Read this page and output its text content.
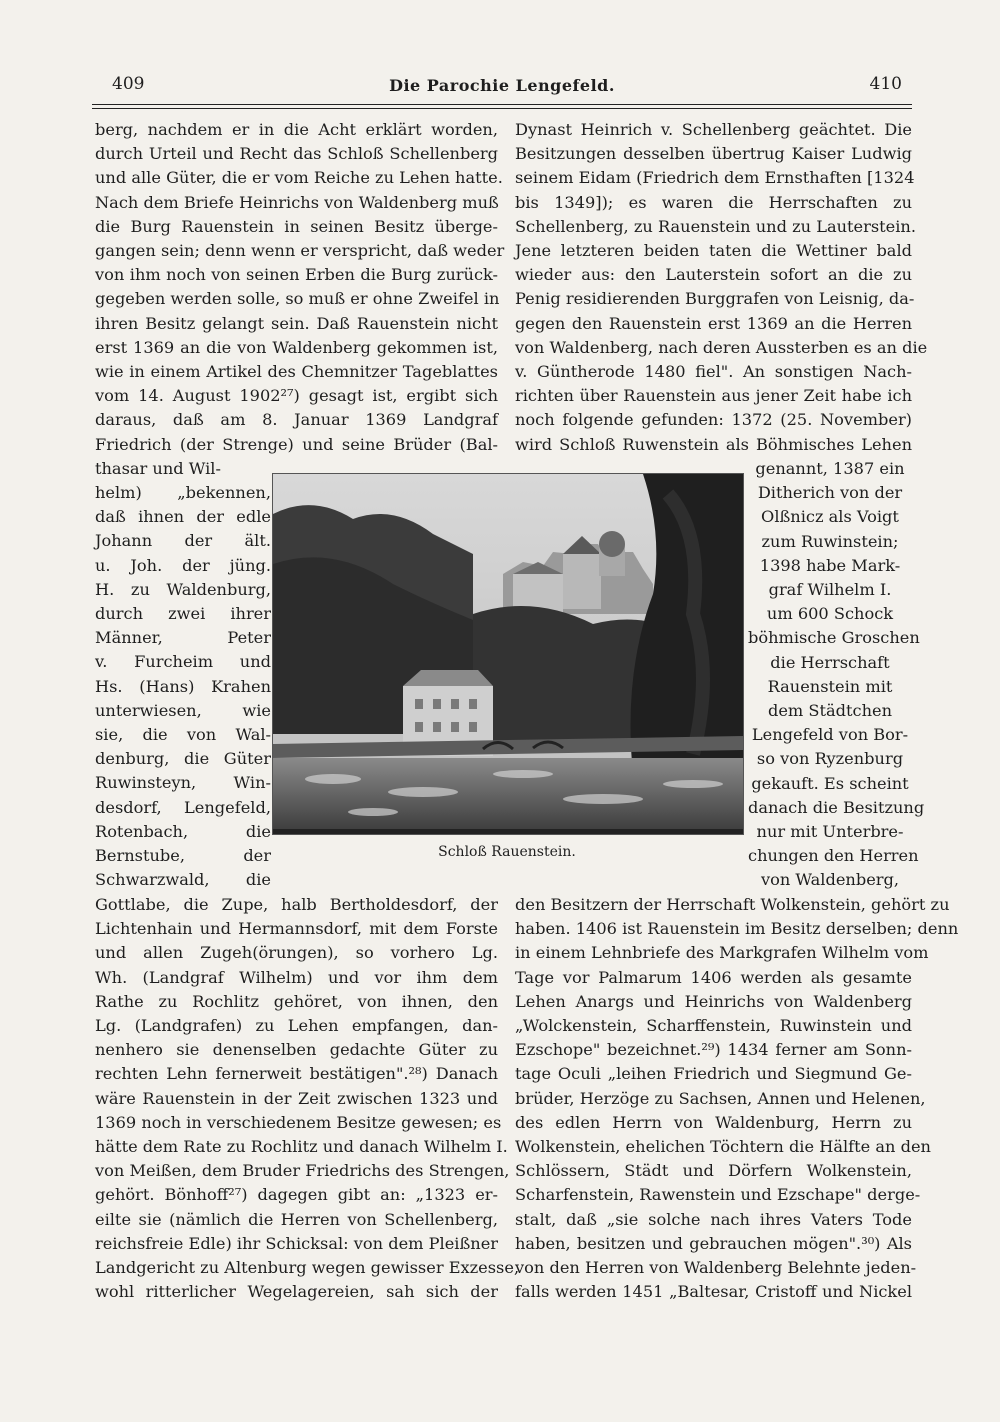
409	Die Parochie Lengefeld.	410

berg, nachdem er in die Acht erklärt worden,

durch Urteil und Recht das Schloß Schellenberg

und alle Güter, die er vom Reiche zu Lehen hatte.

Nach dem Briefe Heinrichs von Waldenberg muß

die Burg Rauenstein in seinen Besitz überge-

gangen sein; denn wenn er verspricht, daß weder

von ihm noch von seinen Erben die Burg zurück-

gegeben werden solle, so muß er ohne Zweifel in

ihren Besitz gelangt sein. Daß Rauenstein nicht

erst 1369 an die von Waldenberg gekommen ist,

wie in einem Artikel des Chemnitzer Tageblattes

vom 14. August 1902²⁷) gesagt ist, ergibt sich

daraus, daß am 8. Januar 1369 Landgraf

Friedrich (der Strenge) und seine Brüder (Bal-

thasar und Wil-

helm) „bekennen,

daß ihnen der edle

Johann der ält.

u. Joh. der jüng.

H. zu Waldenburg,

durch zwei ihrer

Männer, Peter

v. Furcheim und

Hs. (Hans) Krahen

unterwiesen, wie

sie, die von Wal-

denburg, die Güter

Ruwinsteyn, Win-

desdorf, Lengefeld,

Rotenbach, die

Bernstube, der

Schwarzwald, die

Gottlabe, die Zupe, halb Bertholdesdorf, der

Lichtenhain und Hermannsdorf, mit dem Forste

und allen Zugeh(örungen), so vorhero Lg.

Wh. (Landgraf Wilhelm) und vor ihm dem

Rathe zu Rochlitz gehöret, von ihnen, den

Lg. (Landgrafen) zu Lehen empfangen, dan-

nenhero sie denenselben gedachte Güter zu

rechten Lehn fernerweit bestätigen".²⁸) Danach

wäre Rauenstein in der Zeit zwischen 1323 und

1369 noch in verschiedenem Besitze gewesen; es

hätte dem Rate zu Rochlitz und danach Wilhelm I.

von Meißen, dem Bruder Friedrichs des Strengen,

gehört. Bönhoff²⁷) dagegen gibt an: „1323 er-

eilte sie (nämlich die Herren von Schellenberg,

reichsfreie Edle) ihr Schicksal: von dem Pleißner

Landgericht zu Altenburg wegen gewisser Exzesse,

wohl ritterlicher Wegelagereien, sah sich der

Dynast Heinrich v. Schellenberg geächtet. Die

Besitzungen desselben übertrug Kaiser Ludwig

seinem Eidam (Friedrich dem Ernsthaften [1324

bis 1349]); es waren die Herrschaften zu

Schellenberg, zu Rauenstein und zu Lauterstein.

Jene letzteren beiden taten die Wettiner bald

wieder aus: den Lauterstein sofort an die zu

Penig residierenden Burggrafen von Leisnig, da-

gegen den Rauenstein erst 1369 an die Herren

von Waldenberg, nach deren Aussterben es an die

v. Güntherode 1480 fiel". An sonstigen Nach-

richten über Rauenstein aus jener Zeit habe ich

noch folgende gefunden: 1372 (25. November)

wird Schloß Ruwenstein als Böhmisches Lehen

genannt, 1387 ein

Ditherich von der

Olßnicz als Voigt

zum Ruwinstein;

1398 habe Mark-

graf Wilhelm I.

um 600 Schock

böhmische Groschen

die Herrschaft

Rauenstein mit

dem Städtchen

Lengefeld von Bor-

so von Ryzenburg

gekauft. Es scheint

danach die Besitzung

nur mit Unterbre-

chungen den Herren

von Waldenberg,

den Besitzern der Herrschaft Wolkenstein, gehört zu

haben. 1406 ist Rauenstein im Besitz derselben; denn

in einem Lehnbriefe des Markgrafen Wilhelm vom

Tage vor Palmarum 1406 werden als gesamte

Lehen Anargs und Heinrichs von Waldenberg

„Wolckenstein, Scharffenstein, Ruwinstein und

Ezschope" bezeichnet.²⁹) 1434 ferner am Sonn-

tage Oculi „leihen Friedrich und Siegmund Ge-

brüder, Herzöge zu Sachsen, Annen und Helenen,

des edlen Herrn von Waldenburg, Herrn zu

Wolkenstein, ehelichen Töchtern die Hälfte an den

Schlössern, Städt und Dörfern Wolkenstein,

Scharfenstein, Rawenstein und Ezschape" derge-

stalt, daß „sie solche nach ihres Vaters Tode

haben, besitzen und gebrauchen mögen".³⁰) Als

von den Herren von Waldenberg Belehnte jeden-

falls werden 1451 „Baltesar, Cristoff und Nickel

Schloß Rauenstein.
